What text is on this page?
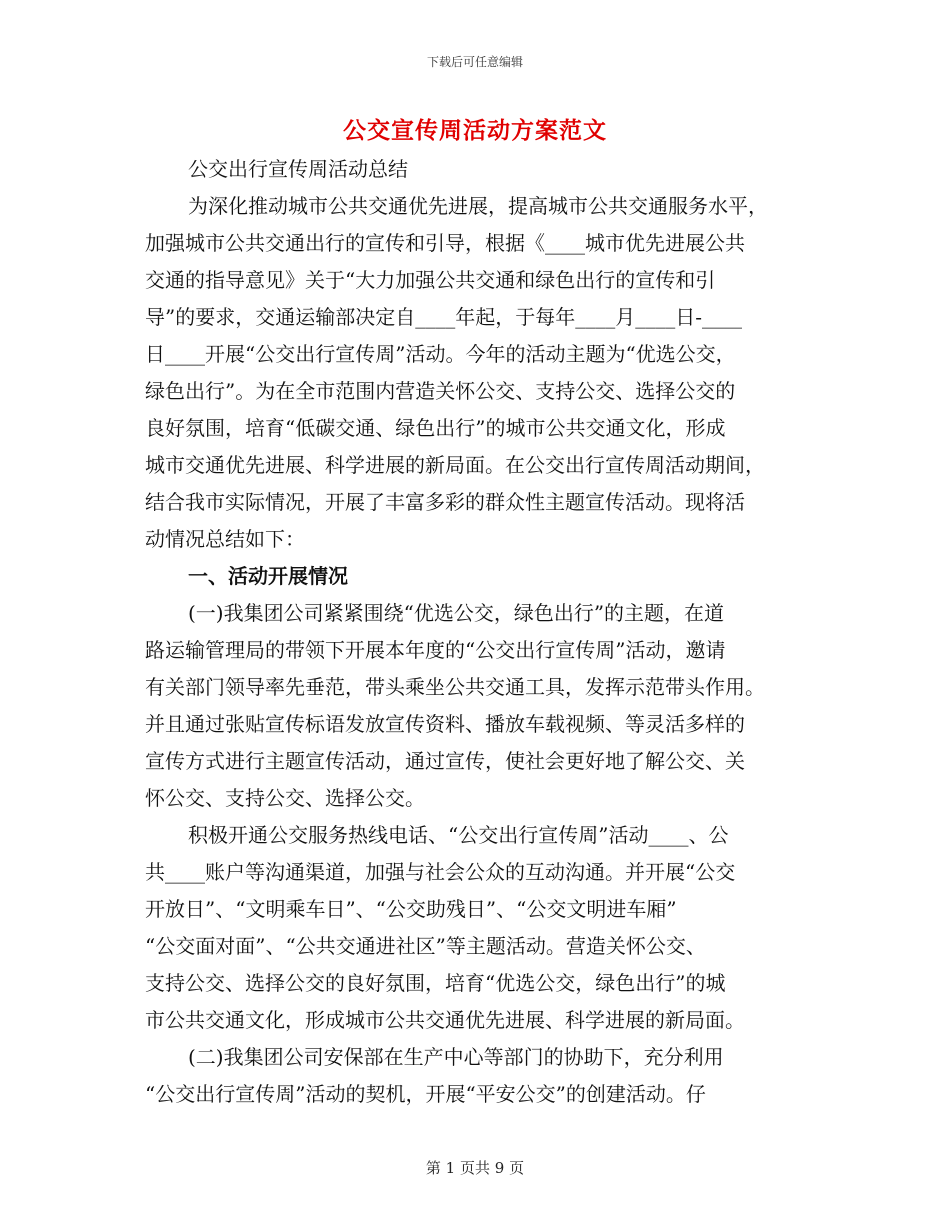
下载后可任意编辑
公交宣传周活动方案范文
公交出行宣传周活动总结
为深化推动城市公共交通优先进展，提高城市公共交通服务水平，
加强城市公共交通出行的宣传和引导，根据《____城市优先进展公共
交通的指导意见》关于“大力加强公共交通和绿色出行的宣传和引
导”的要求，交通运输部决定自____年起，于每年____月____日-____
日____开展“公交出行宣传周”活动。今年的活动主题为“优选公交，
绿色出行”。为在全市范围内营造关怀公交、支持公交、选择公交的
良好氛围，培育“低碳交通、绿色出行”的城市公共交通文化，形成
城市交通优先进展、科学进展的新局面。在公交出行宣传周活动期间，
结合我市实际情况，开展了丰富多彩的群众性主题宣传活动。现将活
动情况总结如下：
一、活动开展情况
(一)我集团公司紧紧围绕“优选公交，绿色出行”的主题，在道
路运输管理局的带领下开展本年度的“公交出行宣传周”活动，邀请
有关部门领导率先垂范，带头乘坐公共交通工具，发挥示范带头作用。
并且通过张贴宣传标语发放宣传资料、播放车载视频、等灵活多样的
宣传方式进行主题宣传活动，通过宣传，使社会更好地了解公交、关
怀公交、支持公交、选择公交。
积极开通公交服务热线电话、“公交出行宣传周”活动____、公
共____账户等沟通渠道，加强与社会公众的互动沟通。并开展“公交
开放日”、“文明乘车日”、“公交助残日”、“公交文明进车厢”
“公交面对面”、“公共交通进社区”等主题活动。营造关怀公交、
支持公交、选择公交的良好氛围，培育“优选公交，绿色出行”的城
市公共交通文化，形成城市公共交通优先进展、科学进展的新局面。
(二)我集团公司安保部在生产中心等部门的协助下，充分利用
“公交出行宣传周”活动的契机，开展“平安公交”的创建活动。仔
第 1 页共 9 页
